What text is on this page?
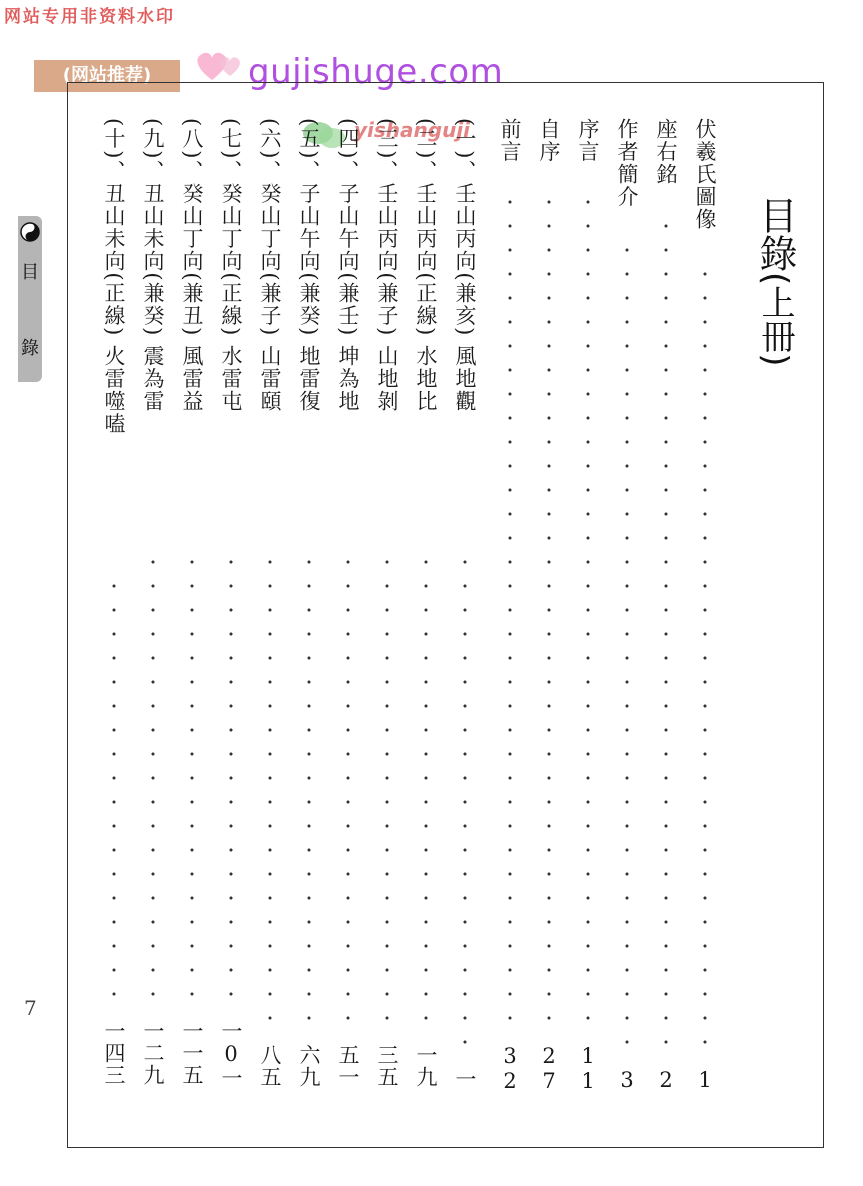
网站专用非资料水印
(网站推荐)	gujishuge.com
yishanguji
目
錄
7
目錄(上冊)
伏羲氏圖像
1
座右銘
2
作者簡介
3
序言
11
自序
27
前言
32
(一)、壬山丙向(兼亥) 風地觀
一
(二)、壬山丙向(正線) 水地比
一九
(三)、壬山丙向(兼子) 山地剝
三五
(四)、子山午向(兼壬) 坤為地
五一
(五)、子山午向(兼癸) 地雷復
六九
(六)、癸山丁向(兼子) 山雷頤
八五
(七)、癸山丁向(正線) 水雷屯
一0一
(八)、癸山丁向(兼丑) 風雷益
一一五
(九)、丑山未向(兼癸) 震為雷
一二九
(十)、丑山未向(正線) 火雷噬嗑
一四三
